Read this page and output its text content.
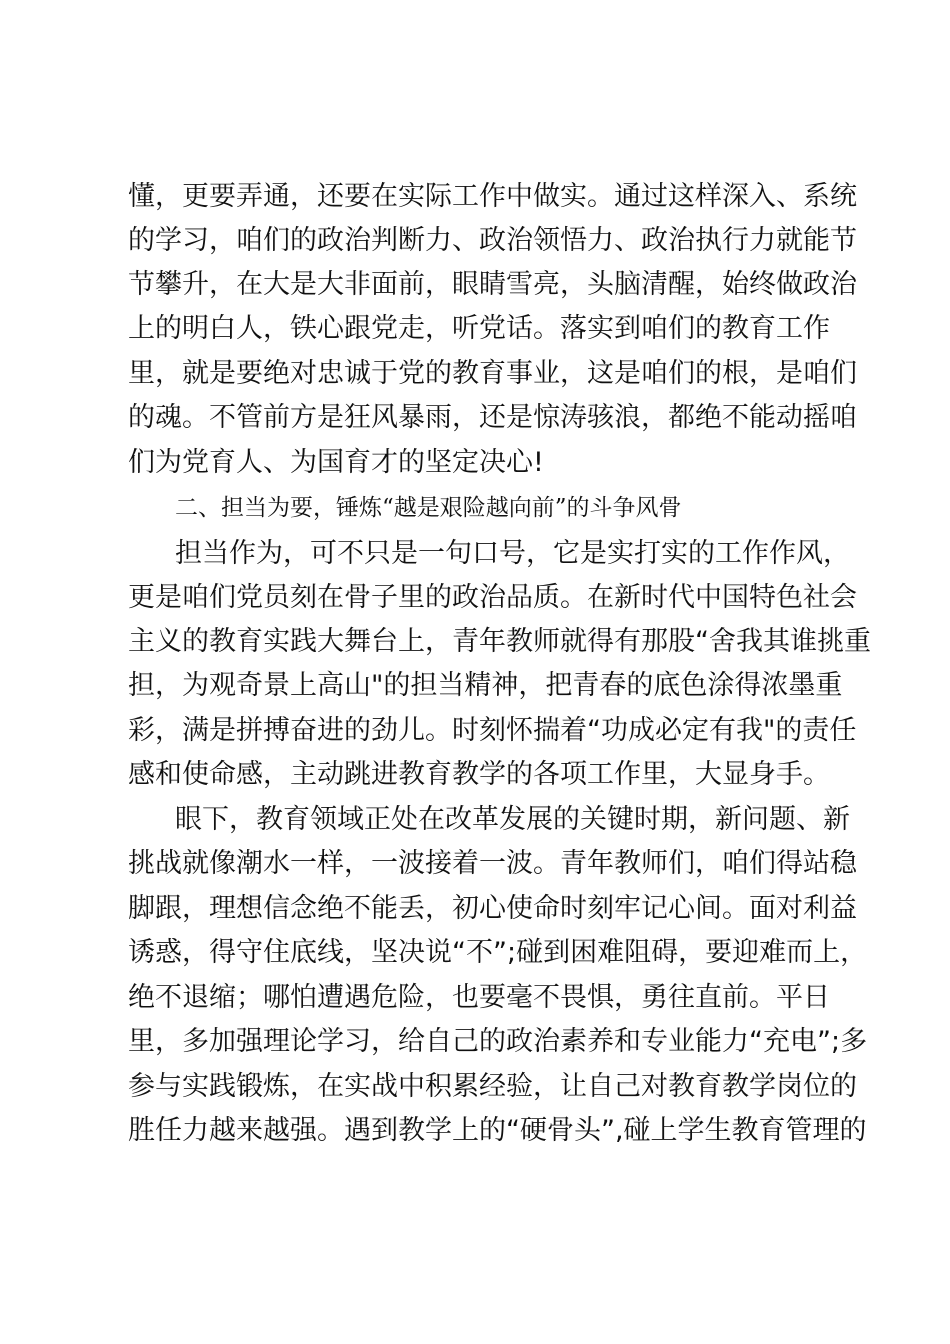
懂，更要弄通，还要在实际工作中做实。通过这样深入、系统
的学习，咱们的政治判断力、政治领悟力、政治执行力就能节
节攀升，在大是大非面前，眼睛雪亮，头脑清醒，始终做政治
上的明白人，铁心跟党走，听党话。落实到咱们的教育工作
里，就是要绝对忠诚于党的教育事业，这是咱们的根，是咱们
的魂。不管前方是狂风暴雨，还是惊涛骇浪，都绝不能动摇咱
们为党育人、为国育才的坚定决心!
二、担当为要，锤炼“越是艰险越向前”的斗争风骨
担当作为，可不只是一句口号，它是实打实的工作作风，
更是咱们党员刻在骨子里的政治品质。在新时代中国特色社会
主义的教育实践大舞台上，青年教师就得有那股“舍我其谁挑重
担，为观奇景上高山"的担当精神，把青春的底色涂得浓墨重
彩，满是拼搏奋进的劲儿。时刻怀揣着“功成必定有我"的责任
感和使命感，主动跳进教育教学的各项工作里，大显身手。
眼下，教育领域正处在改革发展的关键时期，新问题、新
挑战就像潮水一样，一波接着一波。青年教师们，咱们得站稳
脚跟，理想信念绝不能丢，初心使命时刻牢记心间。面对利益
诱惑，得守住底线，坚决说“不”;碰到困难阻碍，要迎难而上，
绝不退缩；哪怕遭遇危险，也要毫不畏惧，勇往直前。平日
里，多加强理论学习，给自己的政治素养和专业能力“充电”;多
参与实践锻炼，在实战中积累经验，让自己对教育教学岗位的
胜任力越来越强。遇到教学上的“硬骨头”,碰上学生教育管理的
